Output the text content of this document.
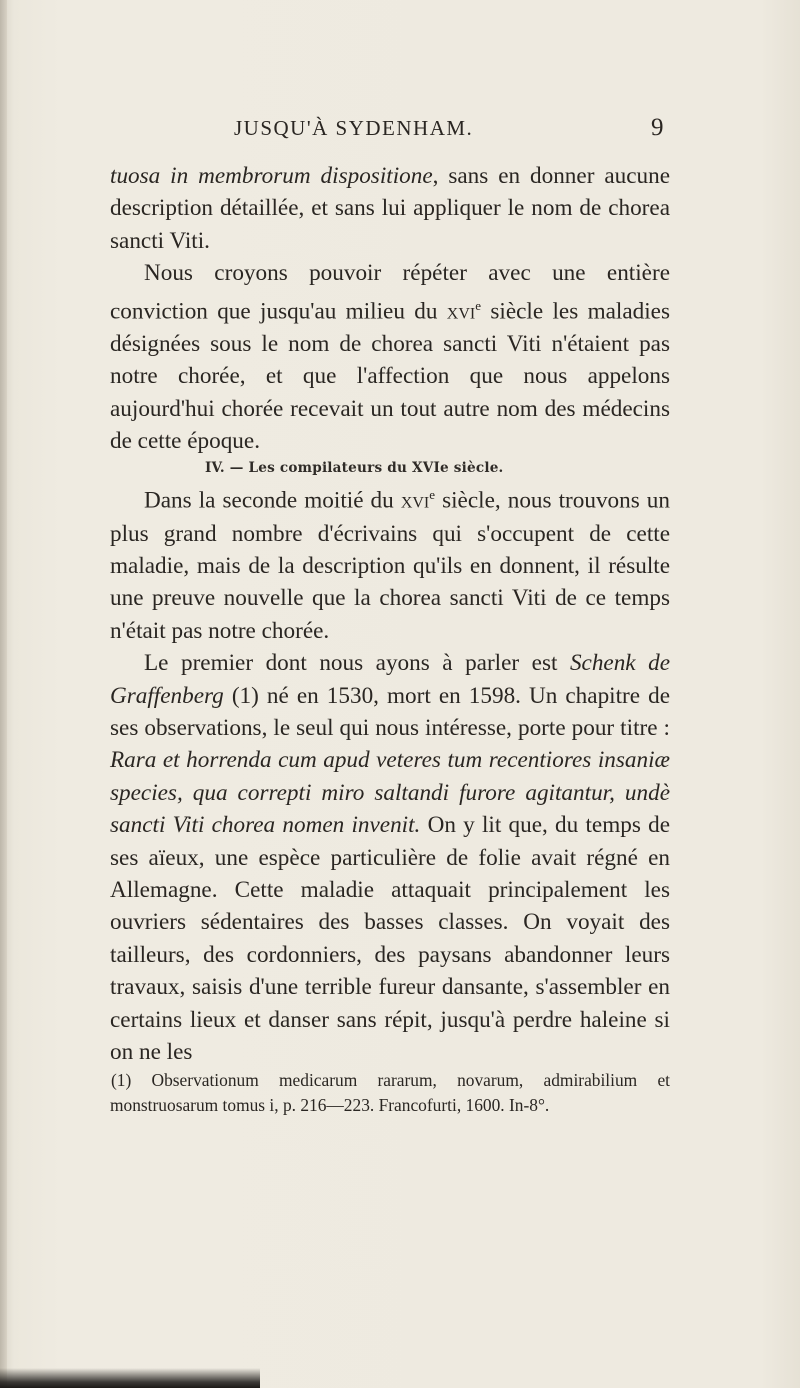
JUSQU'À SYDENHAM.	9

tuosa in membrorum dispositione, sans en donner aucune description détaillée, et sans lui appliquer le nom de chorea sancti Viti.

Nous croyons pouvoir répéter avec une entière conviction que jusqu'au milieu du xvi$^e$ siècle les maladies désignées sous le nom de chorea sancti Viti n'étaient pas notre chorée, et que l'affection que nous appelons aujourd'hui chorée recevait un tout autre nom des médecins de cette époque.

IV. — Les compilateurs du XVIe siècle.

Dans la seconde moitié du xvi$^e$ siècle, nous trouvons un plus grand nombre d'écrivains qui s'occupent de cette maladie, mais de la description qu'ils en donnent, il résulte une preuve nouvelle que la chorea sancti Viti de ce temps n'était pas notre chorée.

Le premier dont nous ayons à parler est Schenk de Graffenberg (1) né en 1530, mort en 1598. Un chapitre de ses observations, le seul qui nous intéresse, porte pour titre : Rara et horrenda cum apud veteres tum recentiores insaniæ species, qua correpti miro saltandi furore agitantur, undè sancti Viti chorea nomen invenit. On y lit que, du temps de ses aïeux, une espèce particulière de folie avait régné en Allemagne. Cette maladie attaquait principalement les ouvriers sédentaires des basses classes. On voyait des tailleurs, des cordonniers, des paysans abandonner leurs travaux, saisis d'une terrible fureur dansante, s'assembler en certains lieux et danser sans répit, jusqu'à perdre haleine si on ne les

(1) Observationum medicarum rararum, novarum, admirabilium et monstruosarum tomus i, p. 216—223. Francofurti, 1600. In-8°.
